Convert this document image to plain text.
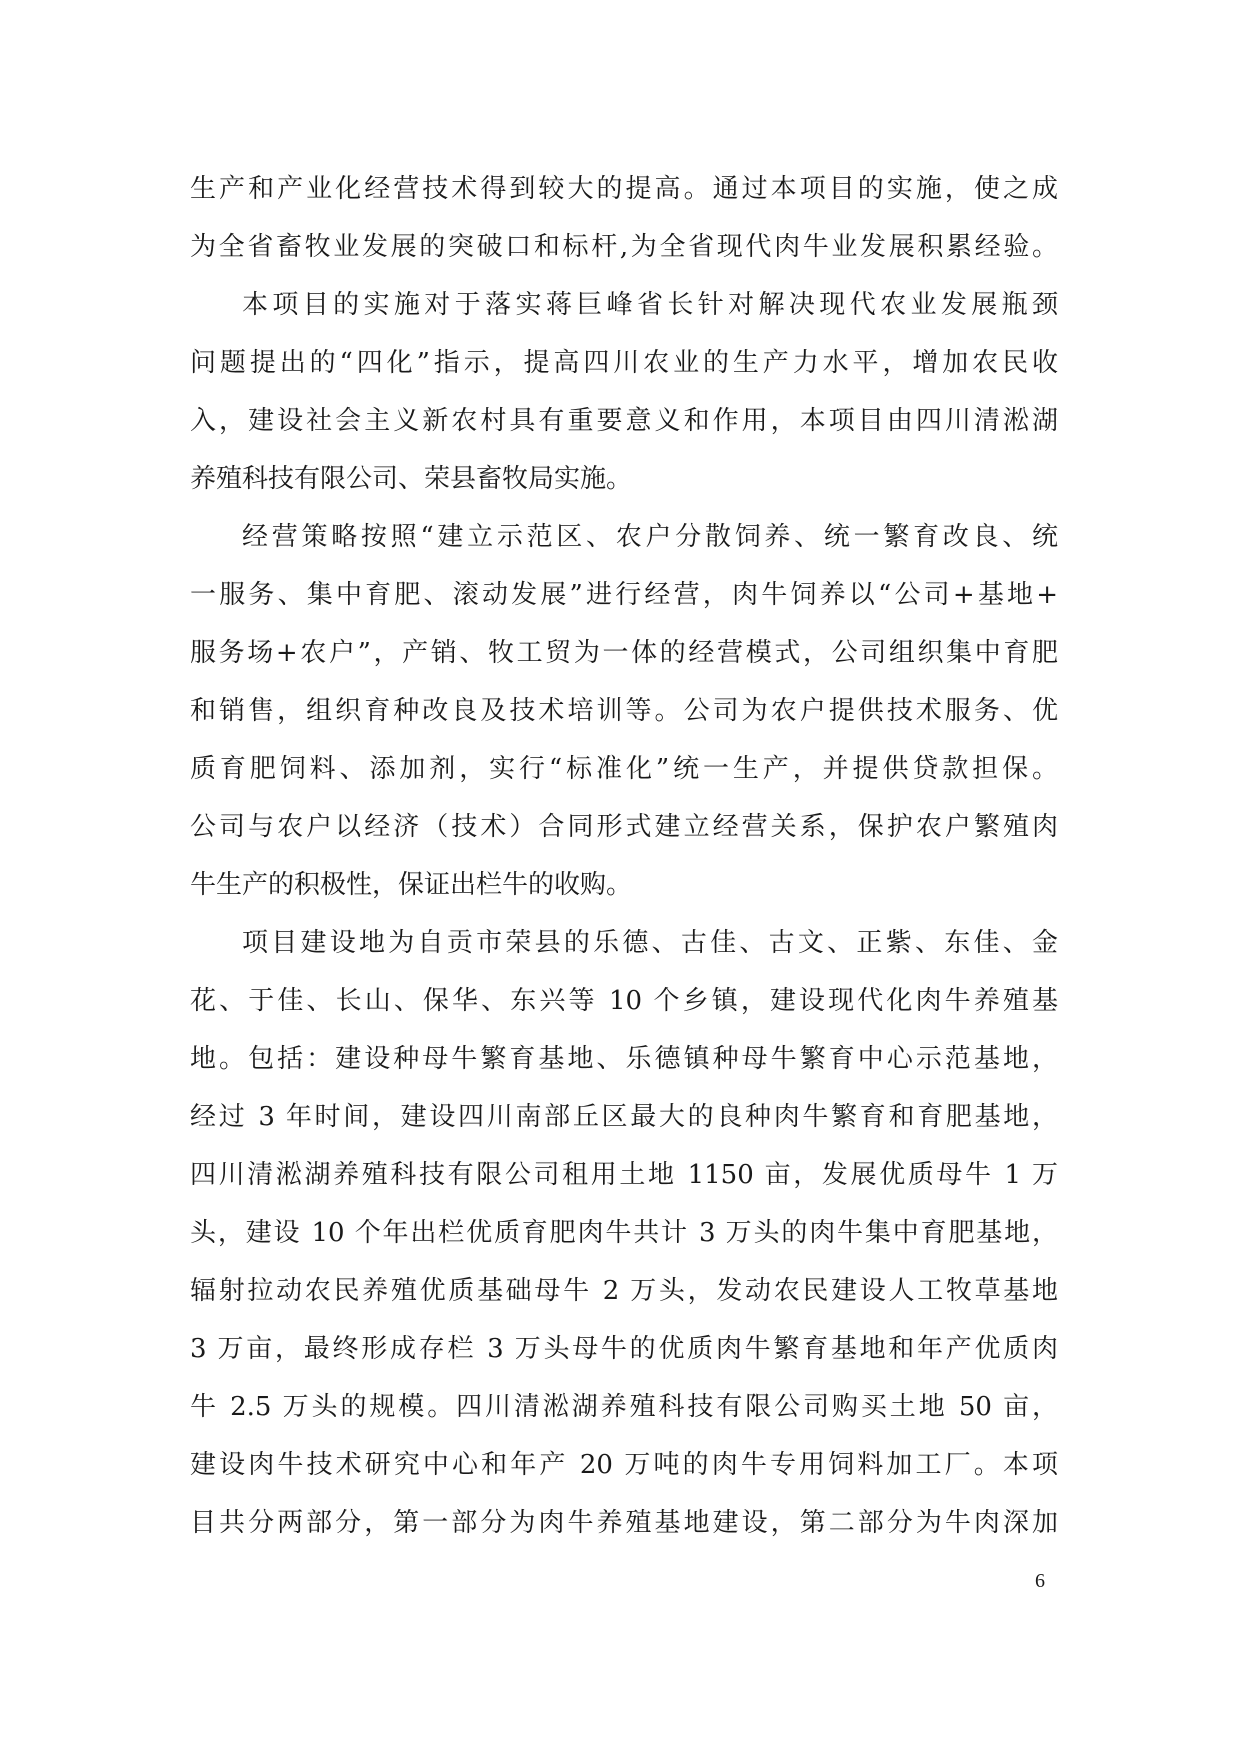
生产和产业化经营技术得到较大的提高。通过本项目的实施，使之成
为全省畜牧业发展的突破口和标杆,为全省现代肉牛业发展积累经验。
本项目的实施对于落实蒋巨峰省长针对解决现代农业发展瓶颈
问题提出的“四化”指示，提高四川农业的生产力水平，增加农民收
入，建设社会主义新农村具有重要意义和作用，本项目由四川清淞湖
养殖科技有限公司、荣县畜牧局实施。
经营策略按照“建立示范区、农户分散饲养、统一繁育改良、统
一服务、集中育肥、滚动发展”进行经营，肉牛饲养以“公司+基地+
服务场+农户”，产销、牧工贸为一体的经营模式，公司组织集中育肥
和销售，组织育种改良及技术培训等。公司为农户提供技术服务、优
质育肥饲料、添加剂，实行“标准化”统一生产，并提供贷款担保。
公司与农户以经济（技术）合同形式建立经营关系，保护农户繁殖肉
牛生产的积极性，保证出栏牛的收购。
项目建设地为自贡市荣县的乐德、古佳、古文、正紫、东佳、金
花、于佳、长山、保华、东兴等 10 个乡镇，建设现代化肉牛养殖基
地。包括：建设种母牛繁育基地、乐德镇种母牛繁育中心示范基地，
经过 3 年时间，建设四川南部丘区最大的良种肉牛繁育和育肥基地，
四川清淞湖养殖科技有限公司租用土地 1150 亩，发展优质母牛 1 万
头，建设 10 个年出栏优质育肥肉牛共计 3 万头的肉牛集中育肥基地，
辐射拉动农民养殖优质基础母牛 2 万头，发动农民建设人工牧草基地
3 万亩，最终形成存栏 3 万头母牛的优质肉牛繁育基地和年产优质肉
牛 2.5 万头的规模。四川清淞湖养殖科技有限公司购买土地 50 亩，
建设肉牛技术研究中心和年产 20 万吨的肉牛专用饲料加工厂。本项
目共分两部分，第一部分为肉牛养殖基地建设，第二部分为牛肉深加
6
